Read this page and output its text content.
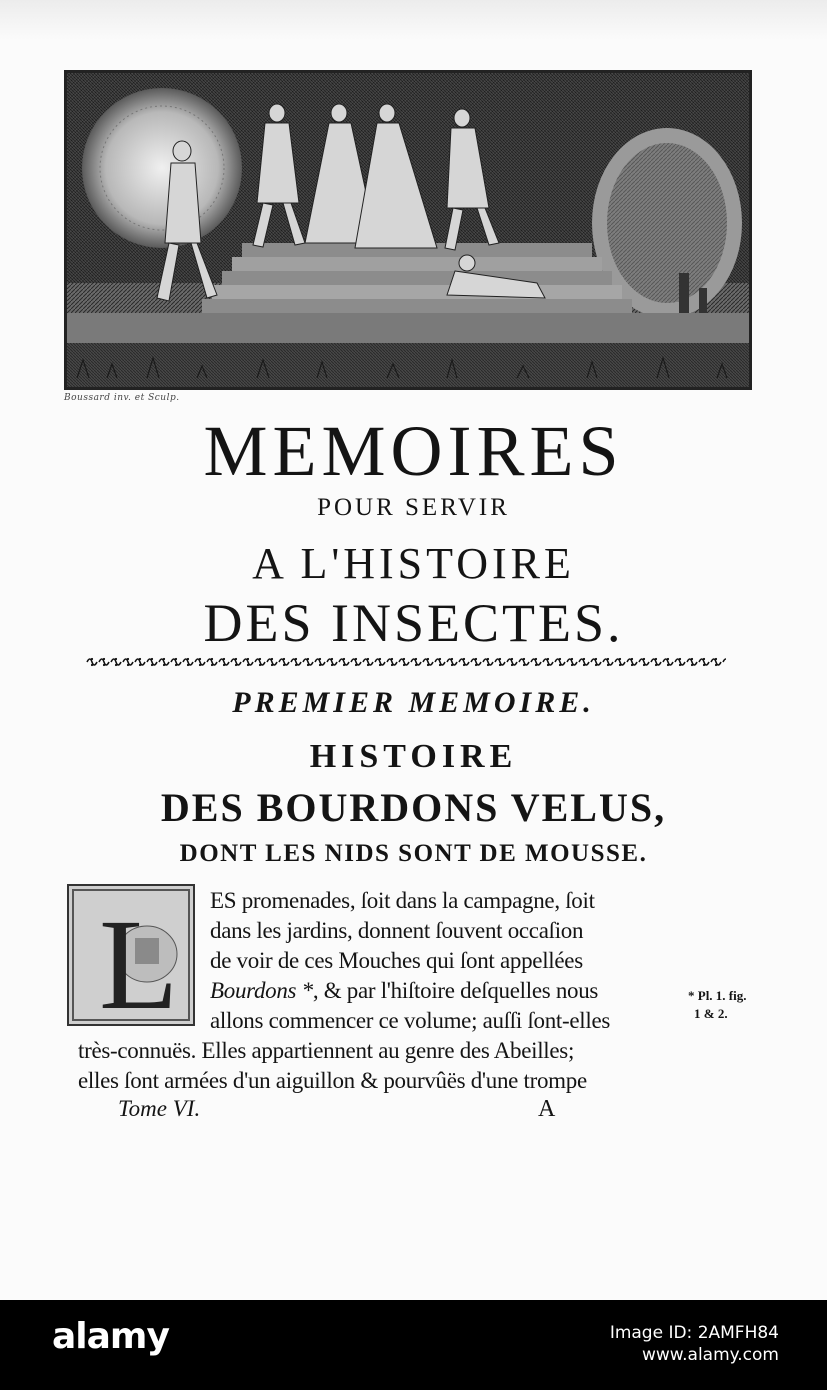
Boussard inv. et Sculp.
MEMOIRES
POUR SERVIR
A L'HISTOIRE
DES INSECTES.
PREMIER MEMOIRE.
HISTOIRE
DES BOURDONS VELUS,
DONT LES NIDS SONT DE MOUSSE.
L ES promenades, ſoit dans la campagne, ſoit
dans les jardins, donnent ſouvent occaſion
de voir de ces Mouches qui ſont appellées
Bourdons *, & par l'hiſtoire deſquelles nous
allons commencer ce volume; auſſi ſont-elles
très-connuës. Elles appartiennent au genre des Abeilles;
elles ſont armées d'un aiguillon & pourvûës d'une trompe
* Pl. 1. fig.
1 & 2.
Tome VI.	A
alamy	Image ID: 2AMFH84
www.alamy.com
